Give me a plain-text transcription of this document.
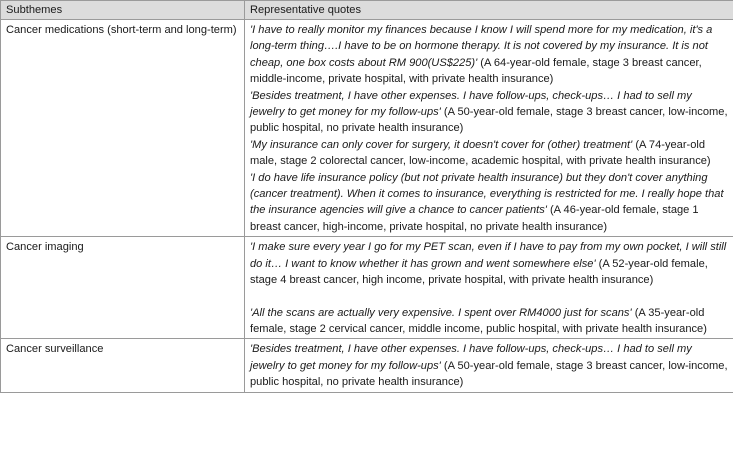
Subthemes	Representative quotes
Cancer medications (short-term and long-term)	'I have to really monitor my finances because I know I will spend more for my medication, it's a long-term thing….I have to be on hormone therapy. It is not covered by my insurance. It is not cheap, one box costs about RM 900(US$225)' (A 64-year-old female, stage 3 breast cancer, middle-income, private hospital, with private health insurance)
'Besides treatment, I have other expenses. I have follow-ups, check-ups… I had to sell my jewelry to get money for my follow-ups' (A 50-year-old female, stage 3 breast cancer, low-income, public hospital, no private health insurance)
'My insurance can only cover for surgery, it doesn't cover for (other) treatment' (A 74-year-old male, stage 2 colorectal cancer, low-income, academic hospital, with private health insurance)
'I do have life insurance policy (but not private health insurance) but they don't cover anything (cancer treatment). When it comes to insurance, everything is restricted for me. I really hope that the insurance agencies will give a chance to cancer patients' (A 46-year-old female, stage 1 breast cancer, high-income, private hospital, no private health insurance)

Cancer imaging	'I make sure every year I go for my PET scan, even if I have to pay from my own pocket, I will still do it… I want to know whether it has grown and went somewhere else' (A 52-year-old female, stage 4 breast cancer, high income, private hospital, with private health insurance)
'All the scans are actually very expensive. I spent over RM4000 just for scans' (A 35-year-old female, stage 2 cervical cancer, middle income, public hospital, with private health insurance)

Cancer surveillance	'Besides treatment, I have other expenses. I have follow-ups, check-ups… I had to sell my jewelry to get money for my follow-ups' (A 50-year-old female, stage 3 breast cancer, low-income, public hospital, no private health insurance)
